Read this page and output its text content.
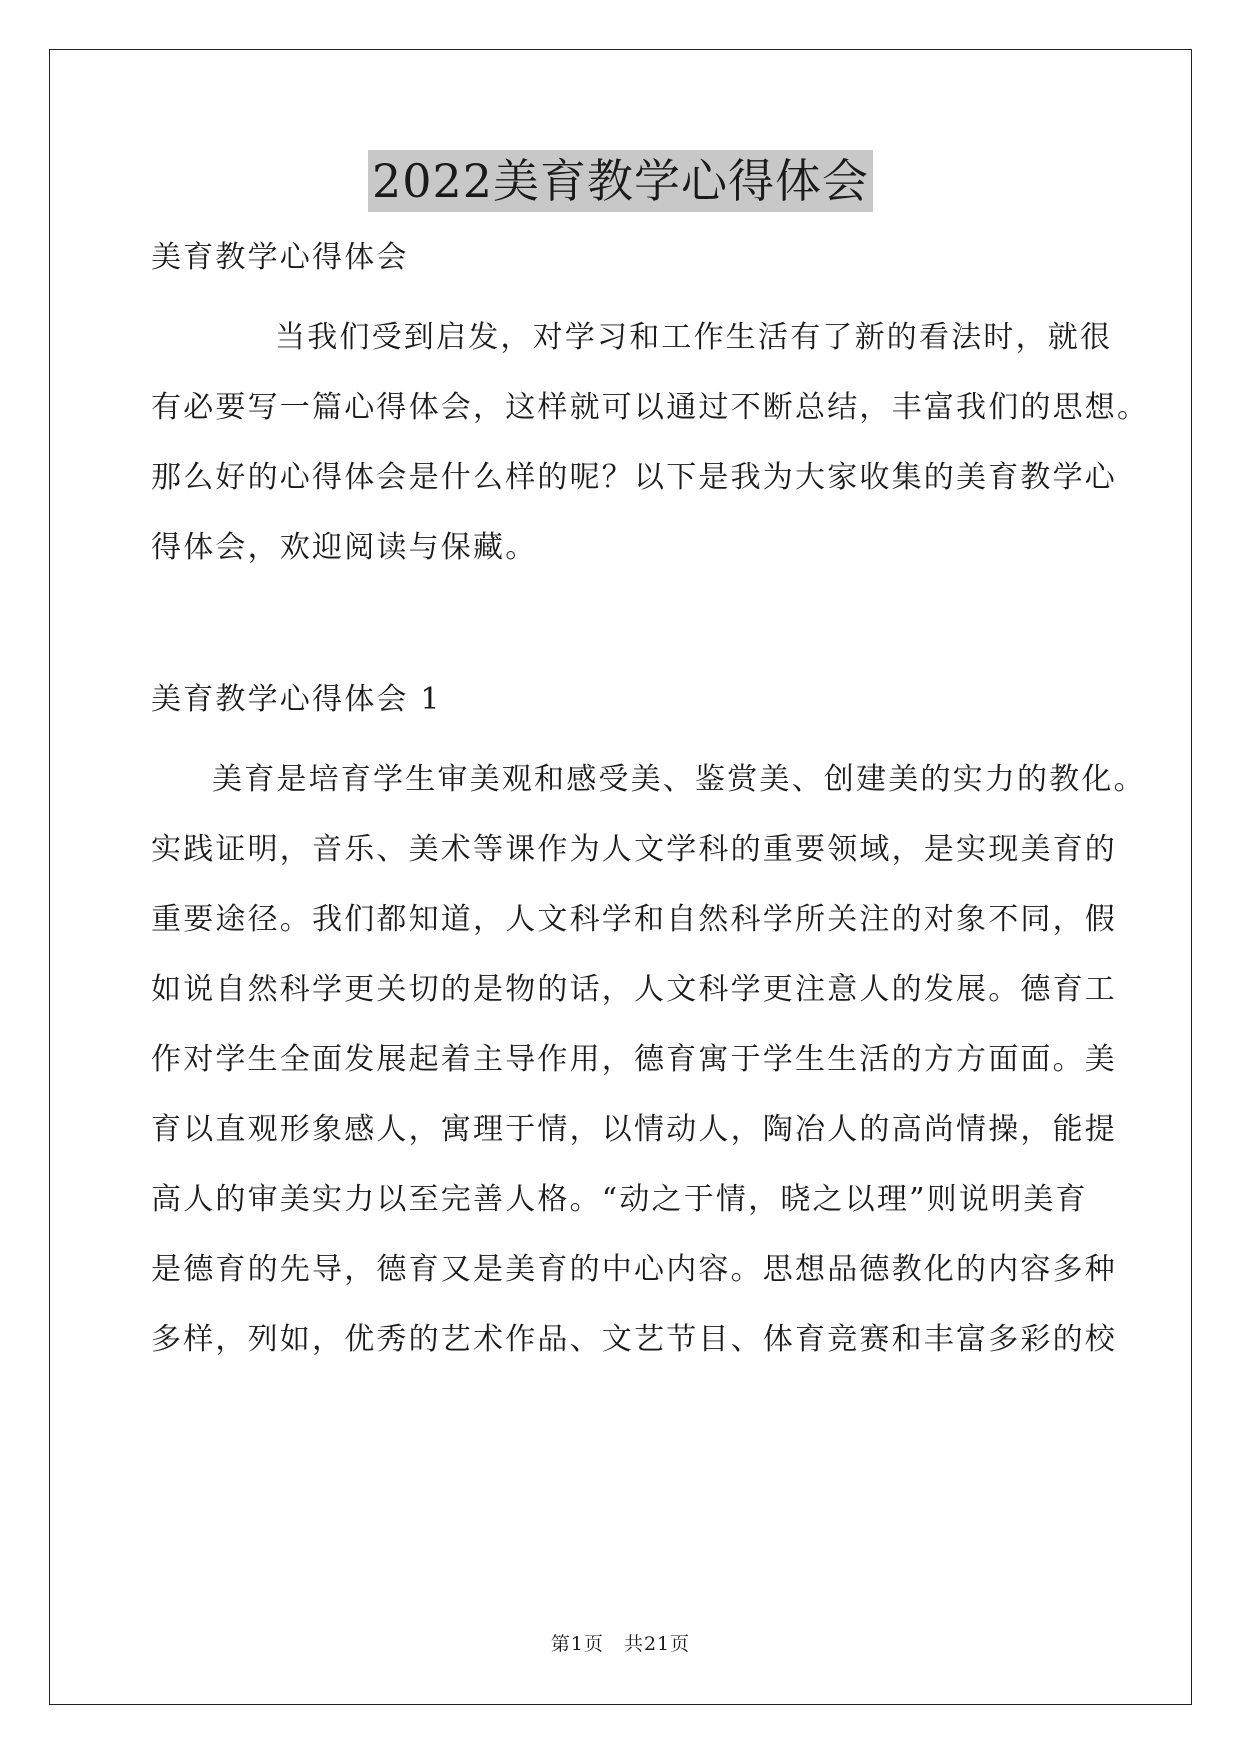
2022美育教学心得体会
美育教学心得体会
当我们受到启发，对学习和工作生活有了新的看法时，就很
有必要写一篇心得体会，这样就可以通过不断总结，丰富我们的思想。
那么好的心得体会是什么样的呢？以下是我为大家收集的美育教学心
得体会，欢迎阅读与保藏。
美育教学心得体会 1
美育是培育学生审美观和感受美、鉴赏美、创建美的实力的教化。
实践证明，音乐、美术等课作为人文学科的重要领域，是实现美育的
重要途径。我们都知道，人文科学和自然科学所关注的对象不同，假
如说自然科学更关切的是物的话，人文科学更注意人的发展。德育工
作对学生全面发展起着主导作用，德育寓于学生生活的方方面面。美
育以直观形象感人，寓理于情，以情动人，陶冶人的高尚情操，能提
高人的审美实力以至完善人格。“动之于情，晓之以理”则说明美育
是德育的先导，德育又是美育的中心内容。思想品德教化的内容多种
多样，列如，优秀的艺术作品、文艺节目、体育竞赛和丰富多彩的校
第1页　共21页
